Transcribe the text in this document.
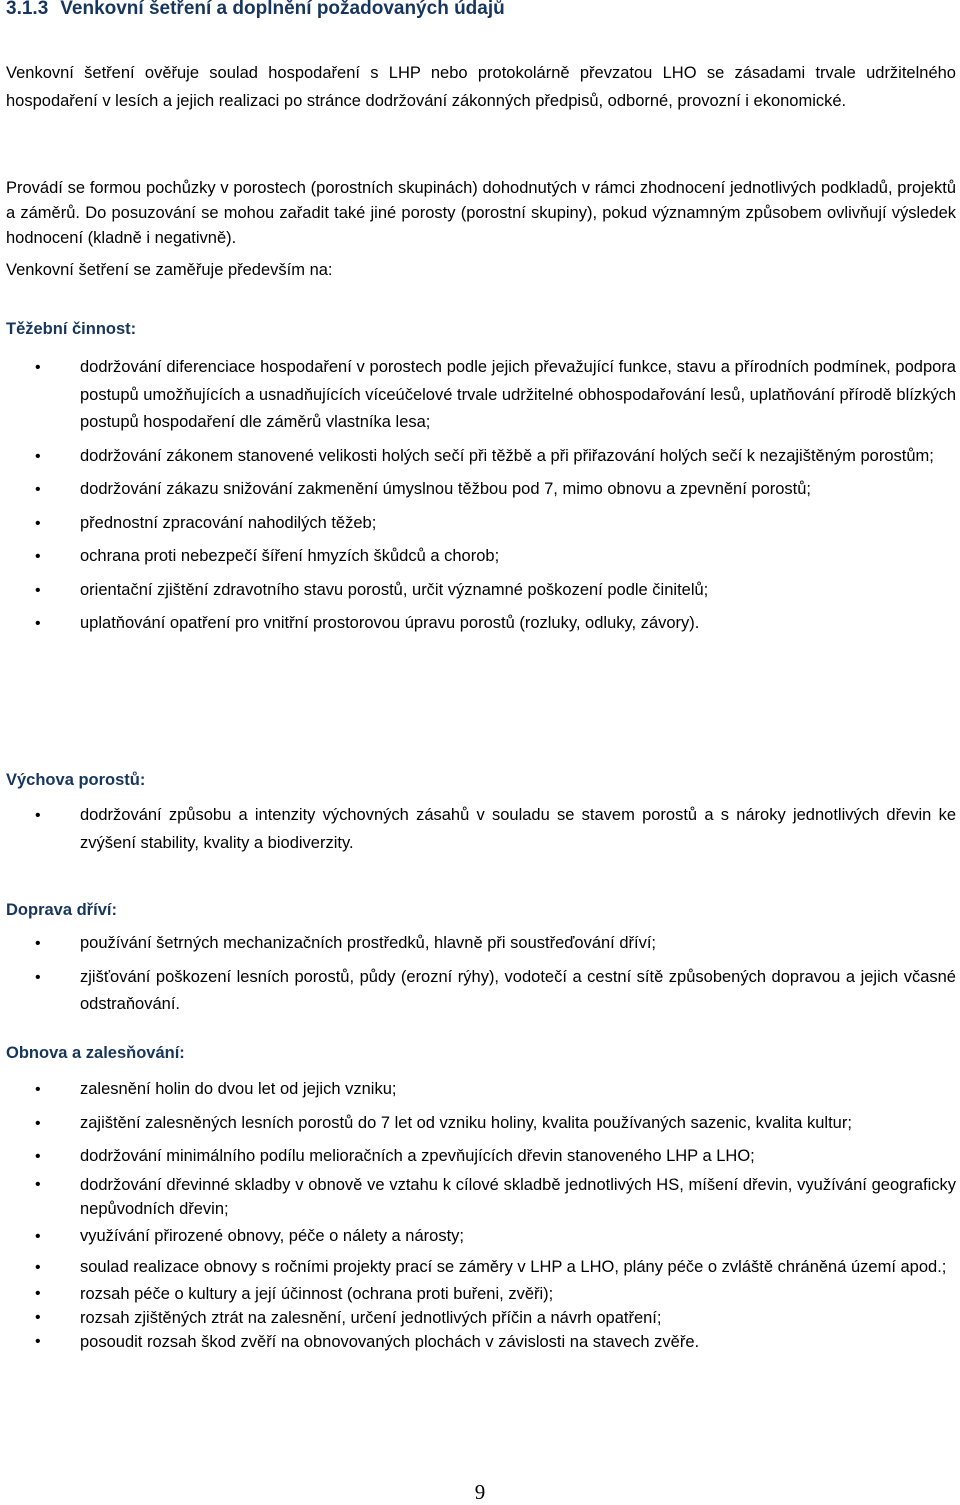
3.1.3 Venkovní šetření a doplnění požadovaných údajů

Venkovní šetření ověřuje soulad hospodaření s LHP nebo protokolárně převzatou LHO se zásadami trvale udržitelného hospodaření v lesích a jejich realizaci po stránce dodržování zákonných předpisů, odborné, provozní i ekonomické.

Provádí se formou pochůzky v porostech (porostních skupinách) dohodnutých v rámci zhodnocení jednotlivých podkladů, projektů a záměrů. Do posuzování se mohou zařadit také jiné porosty (porostní skupiny), pokud významným způsobem ovlivňují výsledek hodnocení (kladně i negativně).

Venkovní šetření se zaměřuje především na:

Těžební činnost:
•	dodržování diferenciace hospodaření v porostech podle jejich převažující funkce, stavu a přírodních podmínek, podpora postupů umožňujících a usnadňujících víceúčelové trvale udržitelné obhospodařování lesů, uplatňování přírodě blízkých postupů hospodaření dle záměrů vlastníka lesa;
•	dodržování zákonem stanovené velikosti holých sečí při těžbě a při přiřazování holých sečí k nezajištěným porostům;
•	dodržování zákazu snižování zakmenění úmyslnou těžbou pod 7, mimo obnovu a zpevnění porostů;
•	přednostní zpracování nahodilých těžeb;
•	ochrana proti nebezpečí šíření hmyzích škůdců a chorob;
•	orientační zjištění zdravotního stavu porostů, určit významné poškození podle činitelů;
•	uplatňování opatření pro vnitřní prostorovou úpravu porostů (rozluky, odluky, závory).
Výchova porostů:
•	dodržování způsobu a intenzity výchovných zásahů v souladu se stavem porostů a s nároky jednotlivých dřevin ke zvýšení stability, kvality a biodiverzity.
Doprava dříví:
•	používání šetrných mechanizačních prostředků, hlavně při soustřeďování dříví;
•	zjišťování poškození lesních porostů, půdy (erozní rýhy), vodotečí a cestní sítě způsobených dopravou a jejich včasné odstraňování.
Obnova a zalesňování:
•	zalesnění holin do dvou let od jejich vzniku;
•	zajištění zalesněných lesních porostů do 7 let od vzniku holiny, kvalita používaných sazenic, kvalita kultur;
•	dodržování minimálního podílu melioračních a zpevňujících dřevin stanoveného LHP a LHO;
•	dodržování dřevinné skladby v obnově ve vztahu k cílové skladbě jednotlivých HS, míšení dřevin, využívání geograficky nepůvodních dřevin;
•	využívání přirozené obnovy, péče o nálety a nárosty;
•	soulad realizace obnovy s ročními projekty prací se záměry v LHP a LHO, plány péče o zvláště chráněná území apod.;
•	rozsah péče o kultury a její účinnost (ochrana proti buřeni, zvěři);
•	rozsah zjištěných ztrát na zalesnění, určení jednotlivých příčin a návrh opatření;
•	posoudit rozsah škod zvěří na obnovovaných plochách v závislosti na stavech zvěře.

9
